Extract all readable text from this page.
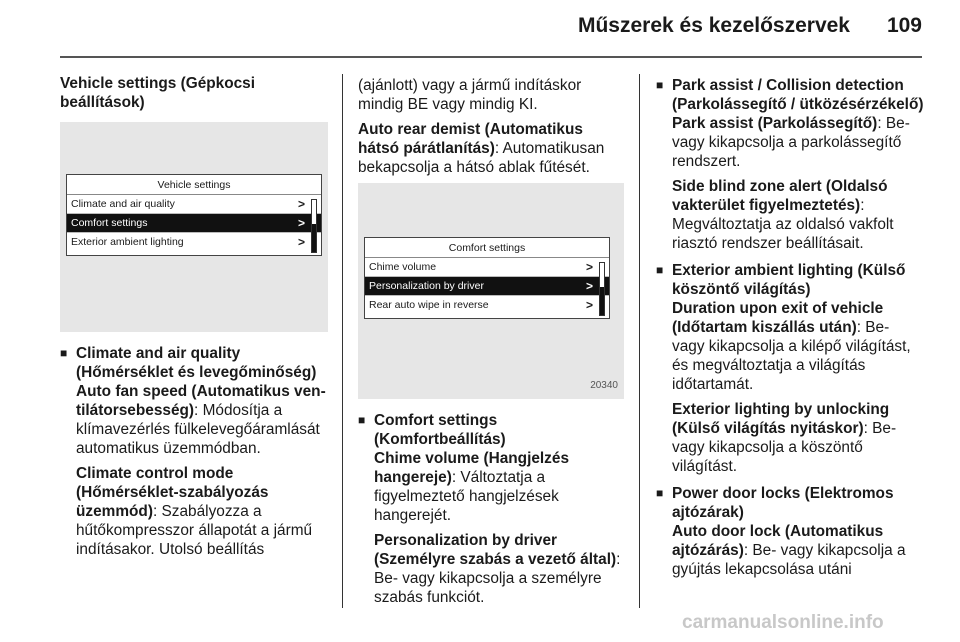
Műszerek és kezelőszervek	109

Vehicle settings (Gépkocsi beállítások)

Vehicle settings
Climate and air quality	>
Comfort settings	>
Exterior ambient lighting	>
■ Climate and air quality (Hőmérséklet és levegőminőség)

Auto fan speed (Automatikus ventilátorsebesség): Módosítja a klímavezérlés fülkelevegőáramlását automatikus üzemmódban.

Climate control mode (Hőmérséklet-szabályozás üzemmód): Szabályozza a hűtőkompresszor állapotát a jármű indításakor. Utolsó beállítás

(ajánlott) vagy a jármű indításkor mindig BE vagy mindig KI.

Auto rear demist (Automatikus hátsó párátlanítás): Automatikusan bekapcsolja a hátsó ablak fűtését.

Comfort settings
Chime volume	>
Personalization by driver	>
Rear auto wipe in reverse	>
20340
■ Comfort settings (Komfortbeállítás)

Chime volume (Hangjelzés hangereje): Változtatja a figyelmeztető hangjelzések hangerejét.

Personalization by driver (Személyre szabás a vezető által): Be- vagy kikapcsolja a személyre szabás funkciót.

■ Park assist / Collision detection (Parkolássegítő / ütközésérzékelő)

Park assist (Parkolássegítő): Be- vagy kikapcsolja a parkolássegítő rendszert.

Side blind zone alert (Oldalsó vakterület figyelmeztetés): Megváltoztatja az oldalsó vakfolt riasztó rendszer beállításait.

■ Exterior ambient lighting (Külső köszöntő világítás)

Duration upon exit of vehicle (Időtartam kiszállás után): Be- vagy kikapcsolja a kilépő világítást, és megváltoztatja a világítás időtartamát.

Exterior lighting by unlocking (Külső világítás nyitáskor): Be- vagy kikapcsolja a köszöntő világítást.

■ Power door locks (Elektromos ajtózárak)

Auto door lock (Automatikus ajtózárás): Be- vagy kikapcsolja a gyújtás lekapcsolása utáni

carmanualsonline.info
